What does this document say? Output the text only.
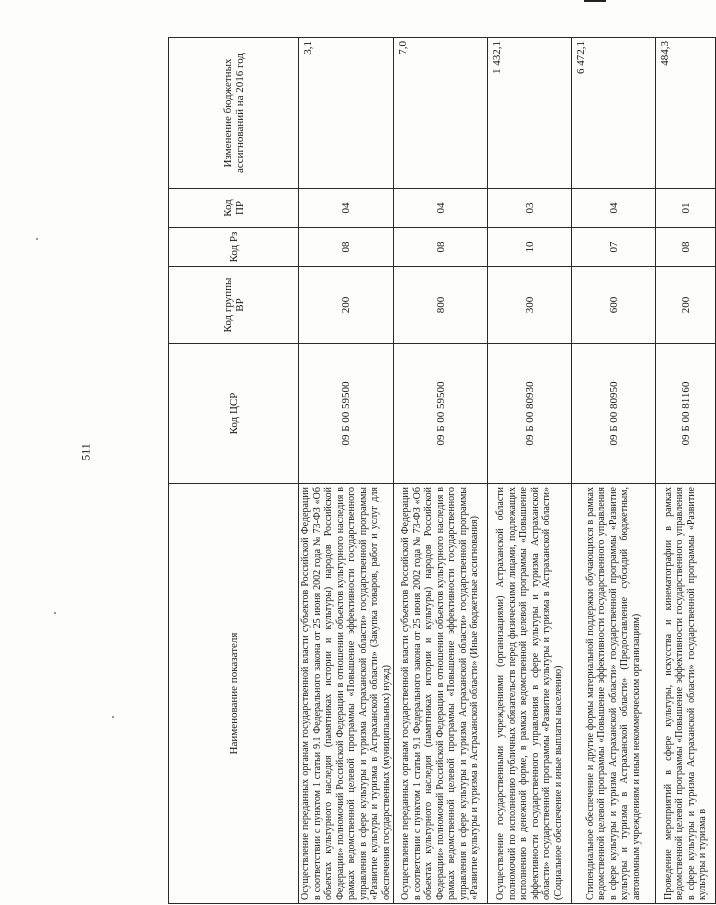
511
Наименование показателя	Код ЦСР	Код группы ВР	Код Рз	Код ПР	Изменение бюджетных ассигнований на 2016 год
Осуществление переданных органам государственной власти субъектов Российской Федерации в соответствии с пунктом 1 статьи 9.1 Федерального закона от 25 июня 2002 года № 73-ФЗ «Об объектах культурного наследия (памятниках истории и культуры) народов Российской Федерации» полномочий Российской Федерации в отношении объектов культурного наследия в рамках ведомственной целевой программы «Повышение эффективности государственного управления в сфере культуры и туризма Астраханской области» государственной программы «Развитие культуры и туризма в Астраханской области» (Закупка товаров, работ и услуг для обеспечения государственных (муниципальных) нужд)	09 Б 00 59500	200	08	04	3,1
Осуществление переданных органам государственной власти субъектов Российской Федерации в соответствии с пунктом 1 статьи 9.1 Федерального закона от 25 июня 2002 года № 73-ФЗ «Об объектах культурного наследия (памятниках истории и культуры) народов Российской Федерации» полномочий Российской Федерации в отношении объектов культурного наследия в рамках ведомственной целевой программы «Повышение эффективности государственного управления в сфере культуры и туризма Астраханской области» государственной программы «Развитие культуры и туризма в Астраханской области» (Иные бюджетные ассигнования)	09 Б 00 59500	800	08	04	7,0
Осуществление государственными учреждениями (организациями) Астраханской области полномочий по исполнению публичных обязательств перед физическими лицами, подлежащих исполнению в денежной форме, в рамках ведомственной целевой программы «Повышение эффективности государственного управления в сфере культуры и туризма Астраханской области» государственной программы «Развитие культуры и туризма в Астраханской области» (Социальное обеспечение и иные выплаты населению)	09 Б 00 80930	300	10	03	1 432,1
Стипендиальное обеспечение и другие формы материальной поддержки обучающихся в рамках ведомственной целевой программы «Повышение эффективности государственного управления в сфере культуры и туризма Астраханской области» государственной программы «Развитие культуры и туризма в Астраханской области» (Предоставление субсидий бюджетным, автономным учреждениям и иным некоммерческим организациям)	09 Б 00 80950	600	07	04	6 472,1
Проведение мероприятий в сфере культуры, искусства и кинематографии в рамках ведомственной целевой программы «Повышение эффективности государственного управления в сфере культуры и туризма Астраханской области» государственной программы «Развитие культуры и туризма в	09 Б 00 81160	200	08	01	484,3
